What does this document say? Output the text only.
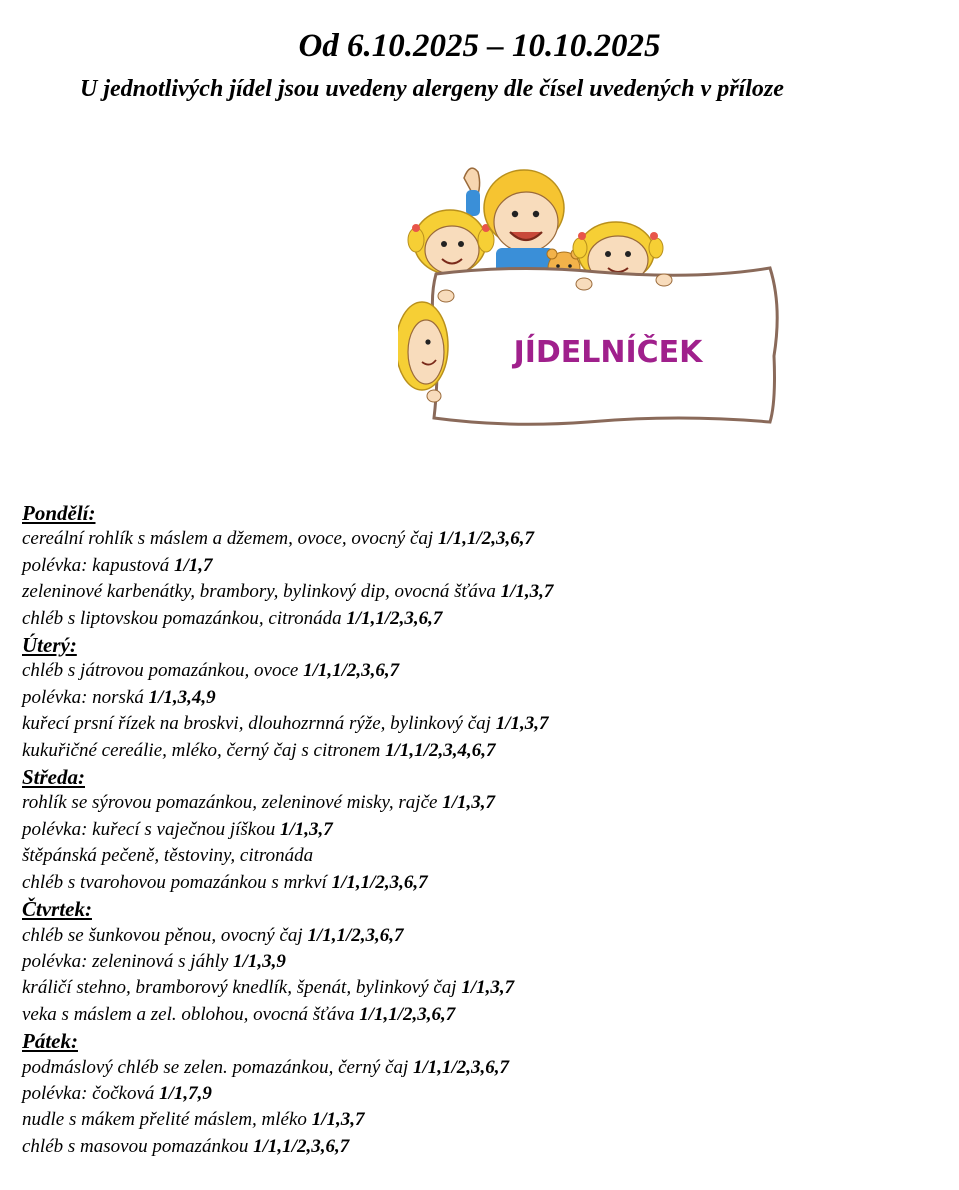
Od 6.10.2025 – 10.10.2025
U jednotlivých jídel jsou uvedeny alergeny dle čísel uvedených v příloze
JÍDELNÍČEK
Pondělí:
cereální rohlík s máslem a džemem, ovoce, ovocný čaj 1/1,1/2,3,6,7
polévka: kapustová 1/1,7
zeleninové karbenátky, brambory, bylinkový dip, ovocná šťáva 1/1,3,7
chléb s liptovskou pomazánkou, citronáda 1/1,1/2,3,6,7
Úterý:
chléb s játrovou pomazánkou, ovoce 1/1,1/2,3,6,7
polévka: norská 1/1,3,4,9
kuřecí prsní řízek na broskvi, dlouhozrnná rýže, bylinkový čaj 1/1,3,7
kukuřičné cereálie, mléko, černý čaj s citronem 1/1,1/2,3,4,6,7
Středa:
rohlík se sýrovou pomazánkou, zeleninové misky, rajče 1/1,3,7
polévka: kuřecí s vaječnou jíškou 1/1,3,7
štěpánská pečeně, těstoviny, citronáda
chléb s tvarohovou pomazánkou s mrkví 1/1,1/2,3,6,7
Čtvrtek:
chléb se šunkovou pěnou, ovocný čaj 1/1,1/2,3,6,7
polévka: zeleninová s jáhly 1/1,3,9
králičí stehno, bramborový knedlík, špenát, bylinkový čaj 1/1,3,7
veka s máslem a zel. oblohou, ovocná šťáva 1/1,1/2,3,6,7
Pátek:
podmáslový chléb se zelen. pomazánkou, černý čaj 1/1,1/2,3,6,7
polévka: čočková 1/1,7,9
nudle s mákem přelité máslem, mléko 1/1,3,7
chléb s masovou pomazánkou 1/1,1/2,3,6,7
